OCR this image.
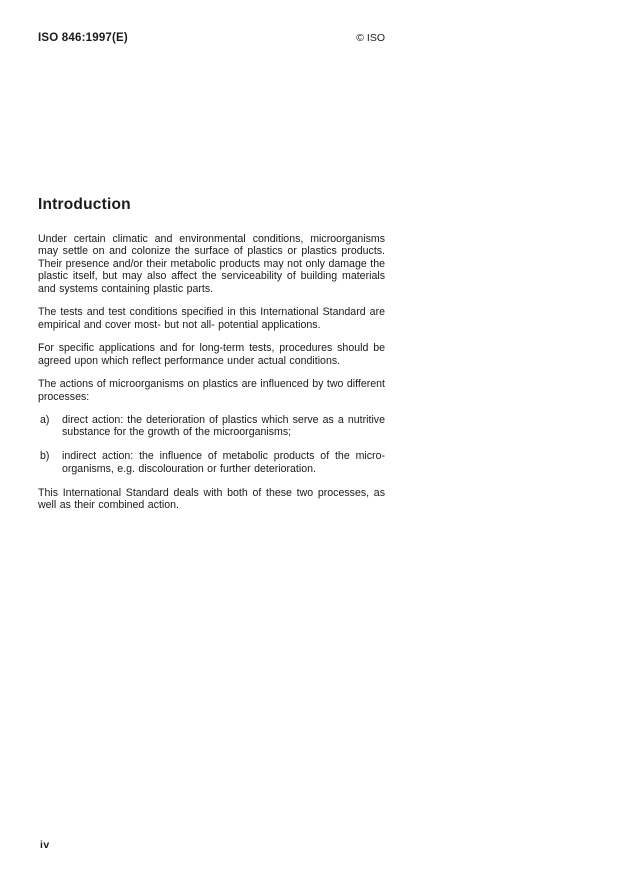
ISO 846:1997(E)	© ISO
Introduction

Under certain climatic and environmental conditions, microorganisms may settle on and colonize the surface of plastics or plastics products. Their presence and/or their metabolic products may not only damage the plastic itself, but may also affect the serviceability of building materials and systems containing plastic parts.

The tests and test conditions specified in this International Standard are empirical and cover most- but not all- potential applications.

For specific applications and for long-term tests, procedures should be agreed upon which reflect performance under actual conditions.

The actions of microorganisms on plastics are influenced by two different processes:

a)	direct action: the deterioration of plastics which serve as a nutritive substance for the growth of the microorganisms;
b)	indirect action: the influence of metabolic products of the micro-organisms, e.g. discolouration or further deterioration.

This International Standard deals with both of these two processes, as well as their combined action.

iv
